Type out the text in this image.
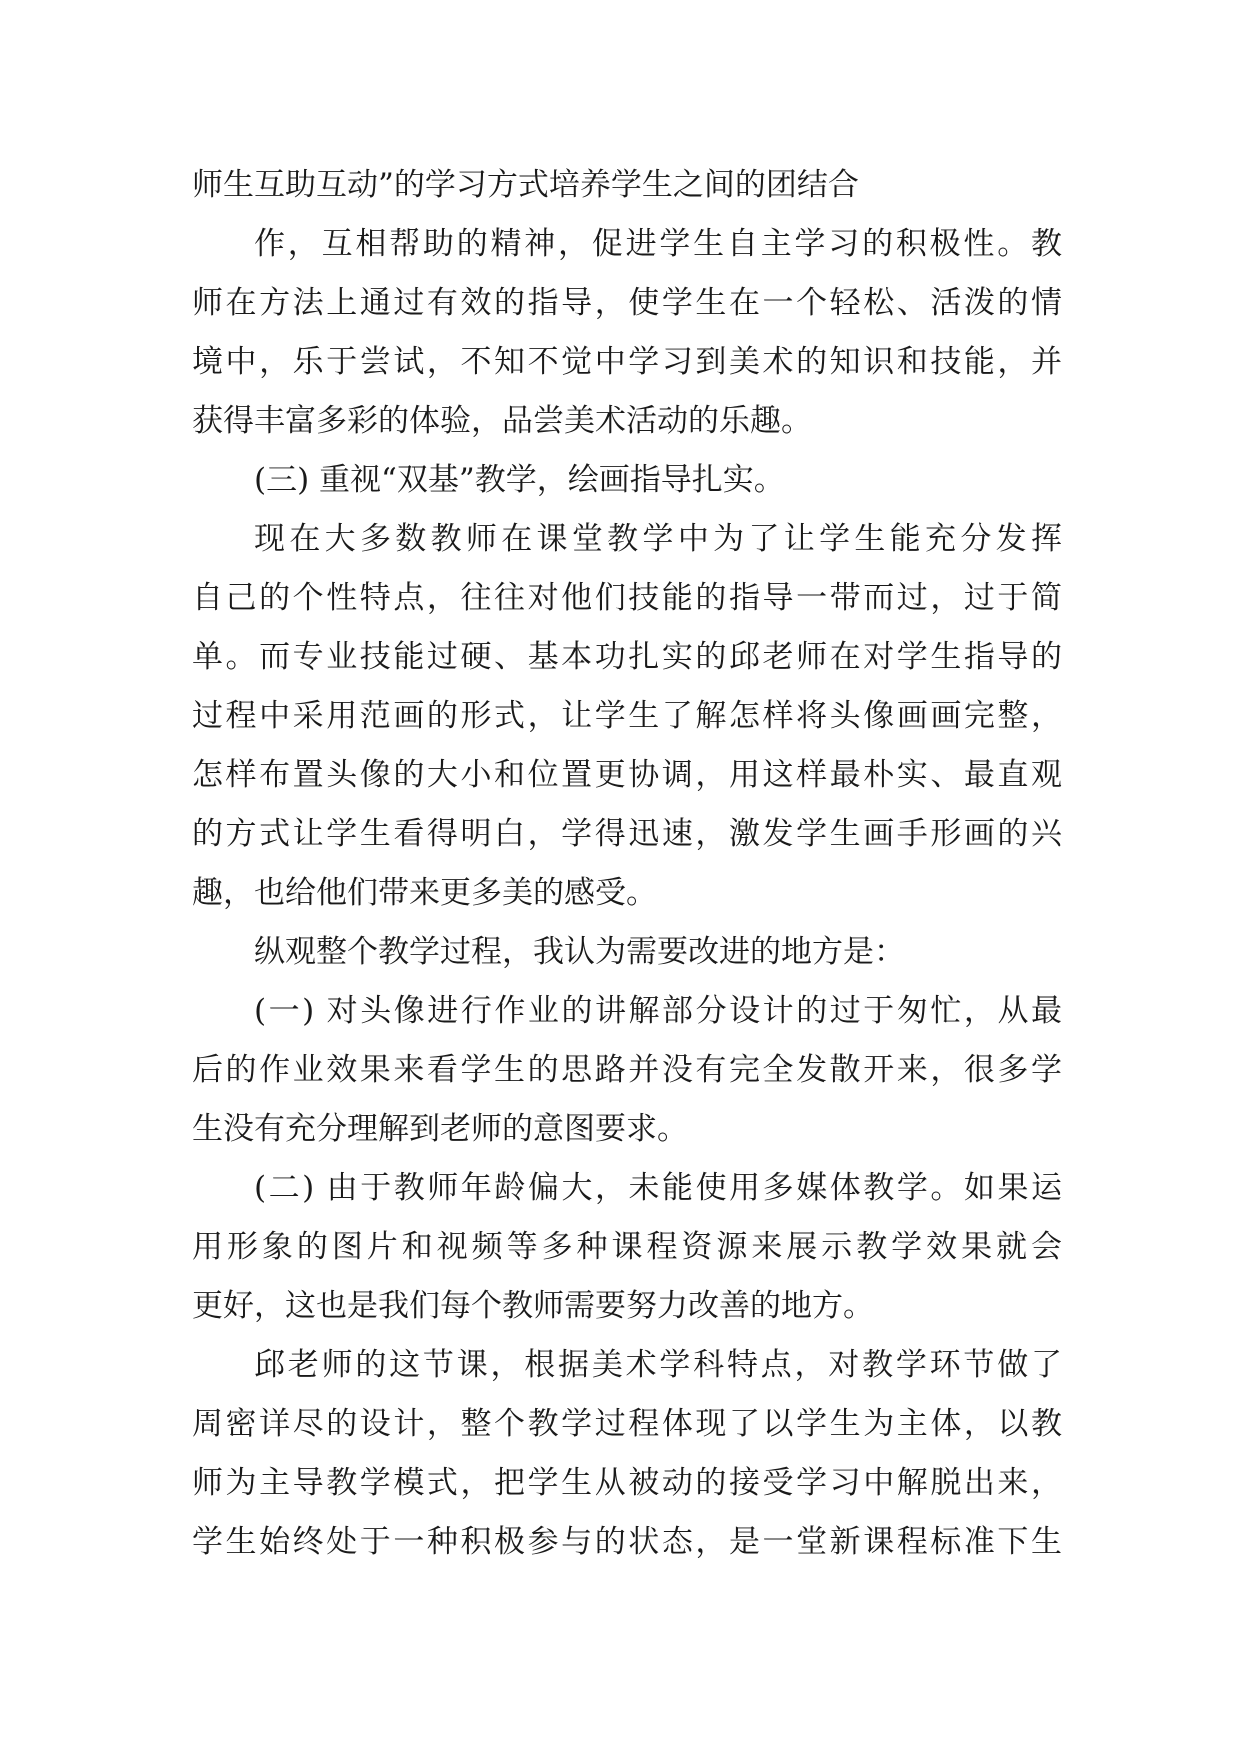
师生互助互动”的学习方式培养学生之间的团结合
作，互相帮助的精神，促进学生自主学习的积极性。教
师在方法上通过有效的指导，使学生在一个轻松、活泼的情
境中，乐于尝试，不知不觉中学习到美术的知识和技能，并
获得丰富多彩的体验，品尝美术活动的乐趣。
(三) 重视“双基”教学，绘画指导扎实。
现在大多数教师在课堂教学中为了让学生能充分发挥
自己的个性特点，往往对他们技能的指导一带而过，过于简
单。而专业技能过硬、基本功扎实的邱老师在对学生指导的
过程中采用范画的形式，让学生了解怎样将头像画画完整，
怎样布置头像的大小和位置更协调，用这样最朴实、最直观
的方式让学生看得明白，学得迅速，激发学生画手形画的兴
趣，也给他们带来更多美的感受。
纵观整个教学过程，我认为需要改进的地方是：
(一) 对头像进行作业的讲解部分设计的过于匆忙，从最
后的作业效果来看学生的思路并没有完全发散开来，很多学
生没有充分理解到老师的意图要求。
(二) 由于教师年龄偏大，未能使用多媒体教学。如果运
用形象的图片和视频等多种课程资源来展示教学效果就会
更好，这也是我们每个教师需要努力改善的地方。
邱老师的这节课，根据美术学科特点，对教学环节做了
周密详尽的设计，整个教学过程体现了以学生为主体，以教
师为主导教学模式，把学生从被动的接受学习中解脱出来，
学生始终处于一种积极参与的状态，是一堂新课程标准下生
